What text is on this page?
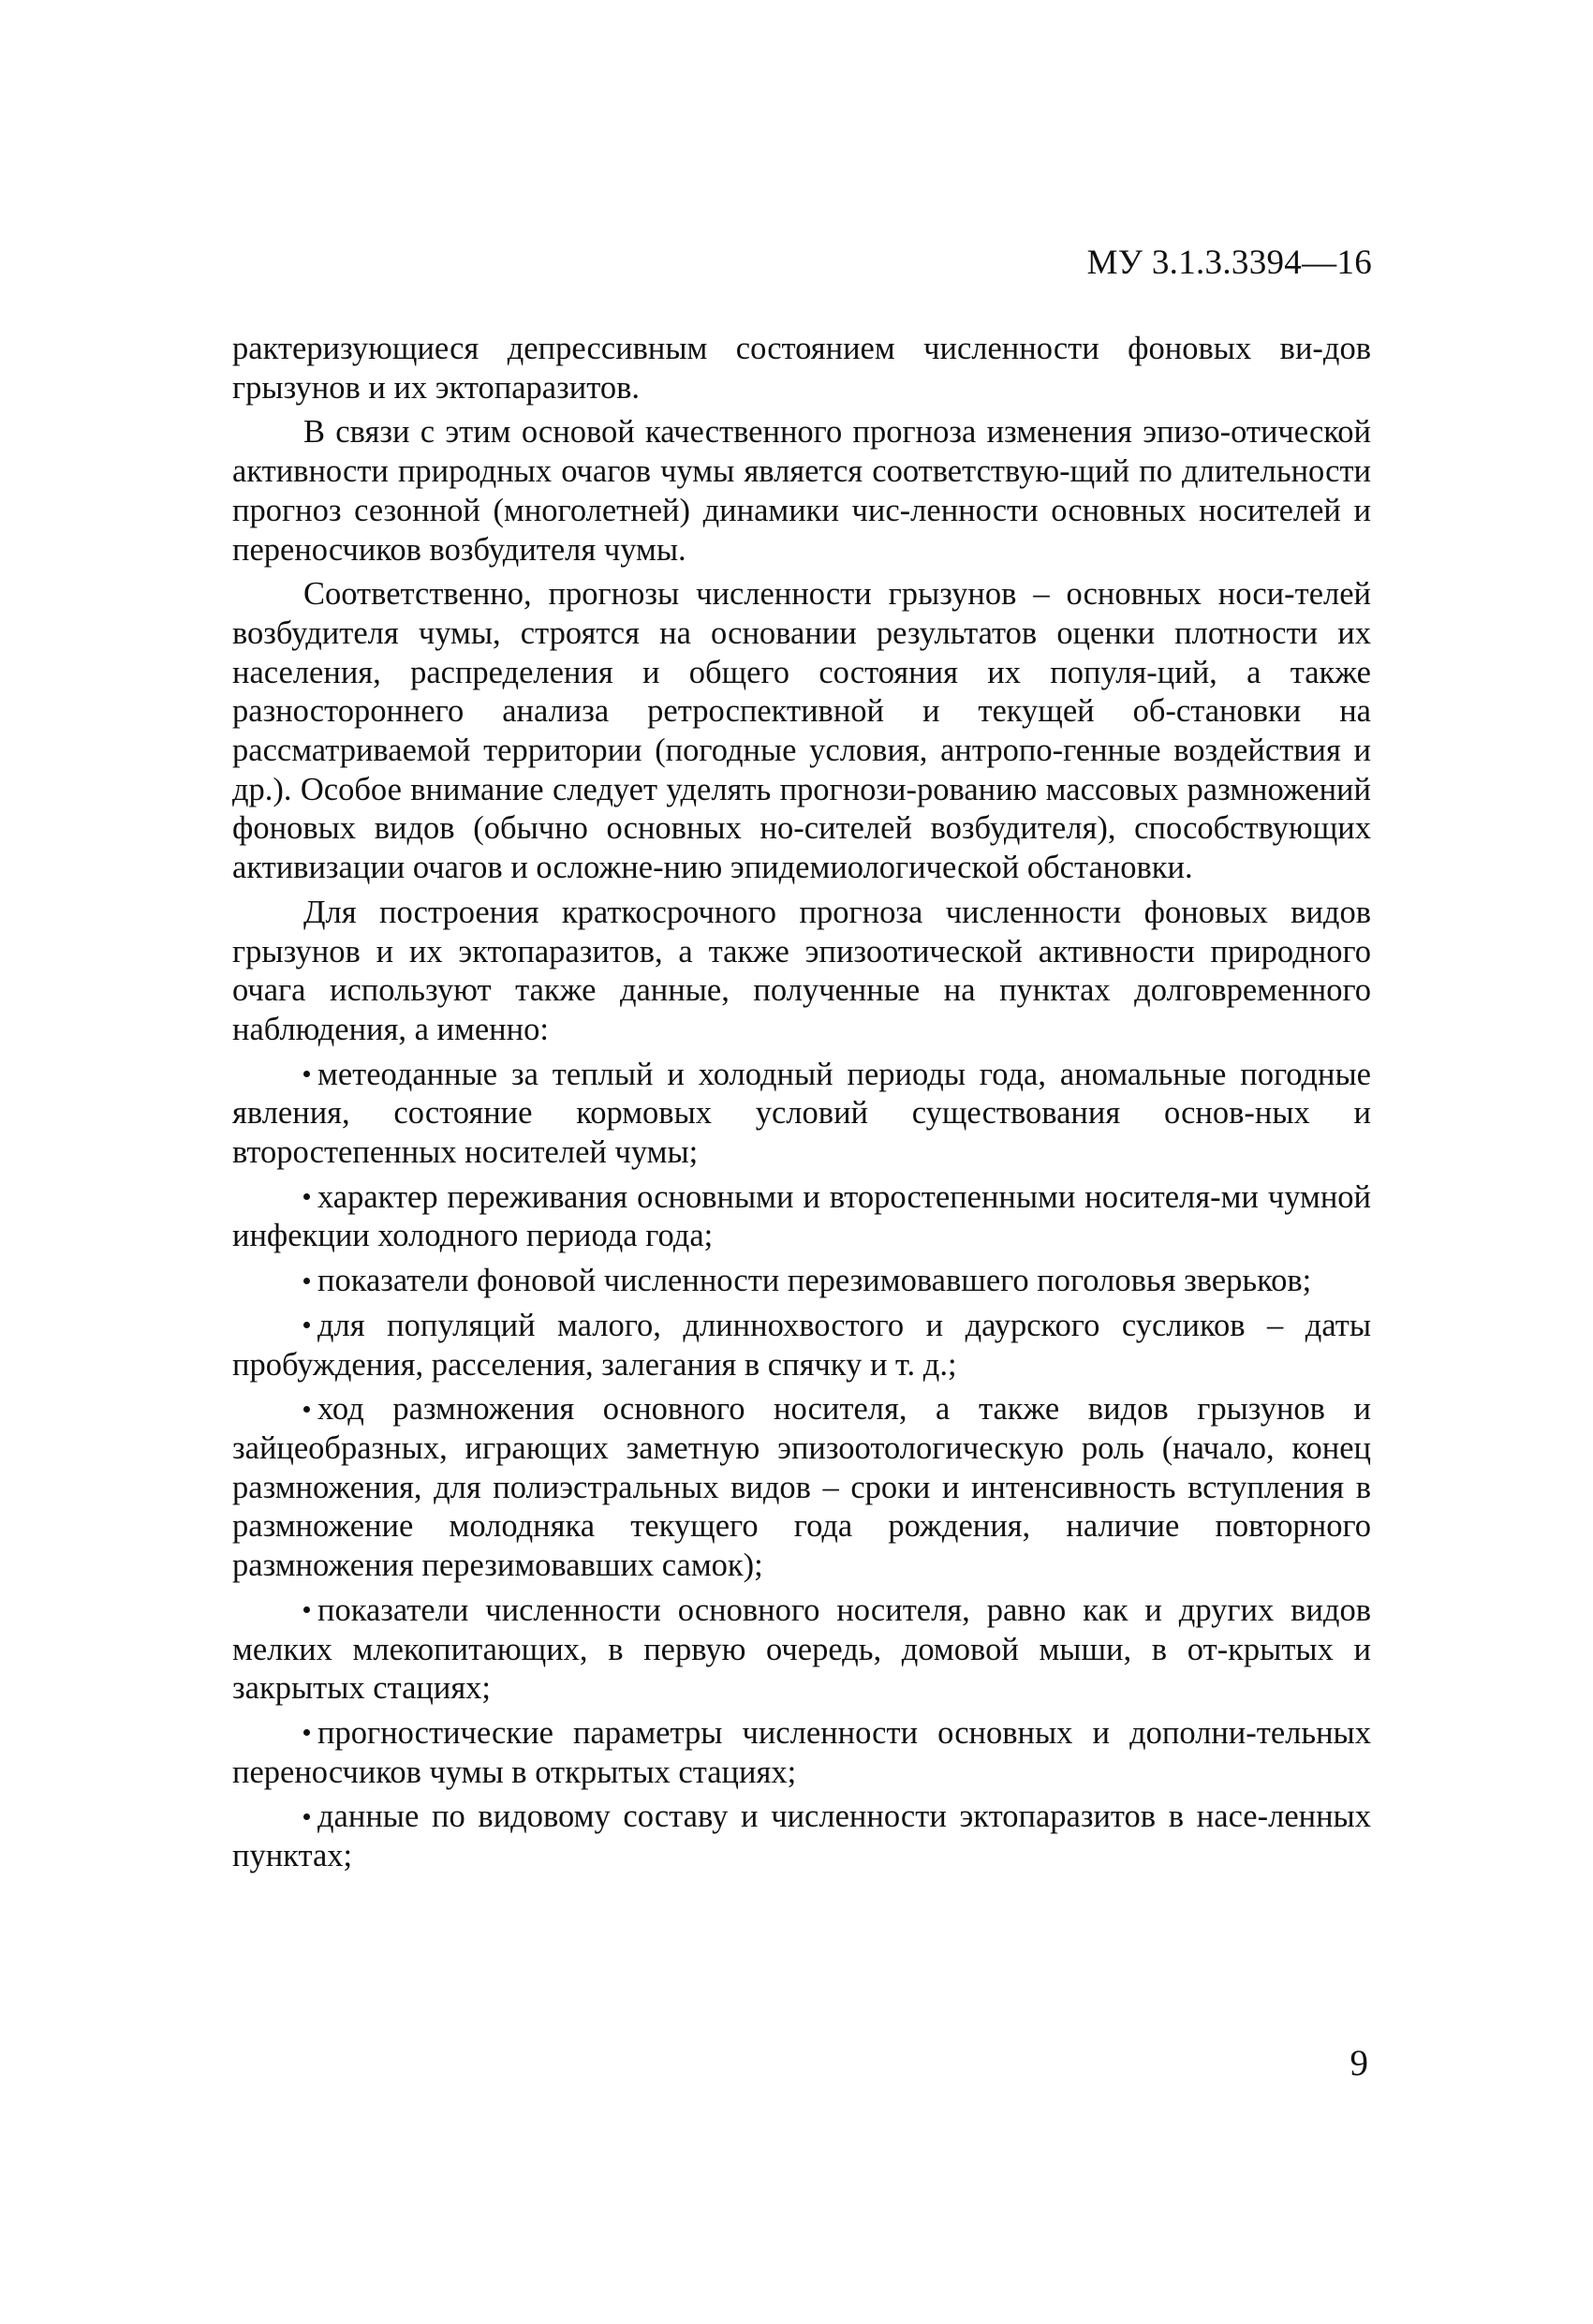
МУ 3.1.3.3394—16

рактеризующиеся депрессивным состоянием численности фоновых ви-дов грызунов и их эктопаразитов.

В связи с этим основой качественного прогноза изменения эпизо-отической активности природных очагов чумы является соответствую-щий по длительности прогноз сезонной (многолетней) динамики чис-ленности основных носителей и переносчиков возбудителя чумы.

Соответственно, прогнозы численности грызунов – основных носи-телей возбудителя чумы, строятся на основании результатов оценки плотности их населения, распределения и общего состояния их популя-ций, а также разностороннего анализа ретроспективной и текущей об-становки на рассматриваемой территории (погодные условия, антропо-генные воздействия и др.). Особое внимание следует уделять прогнози-рованию массовых размножений фоновых видов (обычно основных но-сителей возбудителя), способствующих активизации очагов и осложне-нию эпидемиологической обстановки.

Для построения краткосрочного прогноза численности фоновых видов грызунов и их эктопаразитов, а также эпизоотической активности природного очага используют также данные, полученные на пунктах долговременного наблюдения, а именно:

метеоданные за теплый и холодный периоды года, аномальные погодные явления, состояние кормовых условий существования основ-ных и второстепенных носителей чумы;
характер переживания основными и второстепенными носителя-ми чумной инфекции холодного периода года;
показатели фоновой численности перезимовавшего поголовья зверьков;
для популяций малого, длиннохвостого и даурского сусликов – даты пробуждения, расселения, залегания в спячку и т. д.;
ход размножения основного носителя, а также видов грызунов и зайцеобразных, играющих заметную эпизоотологическую роль (начало, конец размножения, для полиэстральных видов – сроки и интенсивность вступления в размножение молодняка текущего года рождения, наличие повторного размножения перезимовавших самок);
показатели численности основного носителя, равно как и других видов мелких млекопитающих, в первую очередь, домовой мыши, в от-крытых и закрытых стациях;
прогностические параметры численности основных и дополни-тельных переносчиков чумы в открытых стациях;
данные по видовому составу и численности эктопаразитов в насе-ленных пунктах;
9
